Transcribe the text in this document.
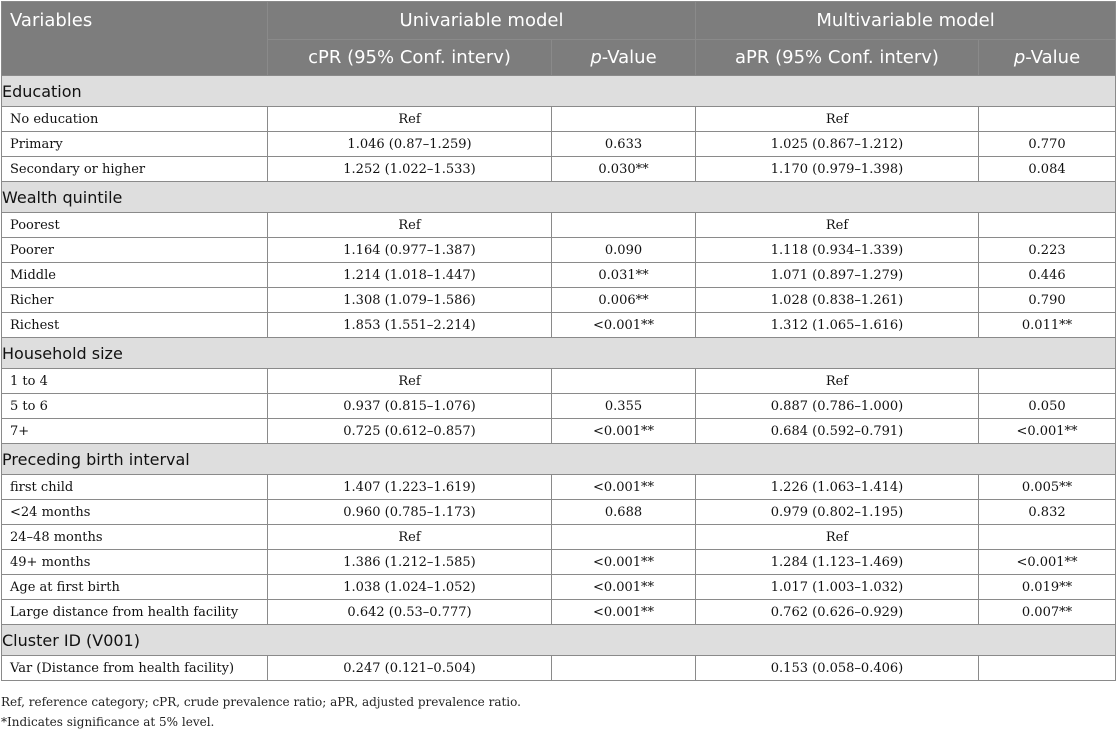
Variables	Univariable model		Multivariable model	
	cPR (95% Conf. interv)	p-Value	aPR (95% Conf. interv)	p-Value
Education				
No education	Ref		Ref	
Primary	1.046 (0.87–1.259)	0.633	1.025 (0.867–1.212)	0.770
Secondary or higher	1.252 (1.022–1.533)	0.030**	1.170 (0.979–1.398)	0.084
Wealth quintile				
Poorest	Ref		Ref	
Poorer	1.164 (0.977–1.387)	0.090	1.118 (0.934–1.339)	0.223
Middle	1.214 (1.018–1.447)	0.031**	1.071 (0.897–1.279)	0.446
Richer	1.308 (1.079–1.586)	0.006**	1.028 (0.838–1.261)	0.790
Richest	1.853 (1.551–2.214)	<0.001**	1.312 (1.065–1.616)	0.011**
Household size				
1 to 4	Ref		Ref	
5 to 6	0.937 (0.815–1.076)	0.355	0.887 (0.786–1.000)	0.050
7+	0.725 (0.612–0.857)	<0.001**	0.684 (0.592–0.791)	<0.001**
Preceding birth interval				
first child	1.407 (1.223–1.619)	<0.001**	1.226 (1.063–1.414)	0.005**
<24 months	0.960 (0.785–1.173)	0.688	0.979 (0.802–1.195)	0.832
24–48 months	Ref		Ref	
49+ months	1.386 (1.212–1.585)	<0.001**	1.284 (1.123–1.469)	<0.001**
Age at first birth	1.038 (1.024–1.052)	<0.001**	1.017 (1.003–1.032)	0.019**
Large distance from health facility	0.642 (0.53–0.777)	<0.001**	0.762 (0.626–0.929)	0.007**
Cluster ID (V001)				
Var (Distance from health facility)	0.247 (0.121–0.504)		0.153 (0.058–0.406)	
Ref, reference category; cPR, crude prevalence ratio; aPR, adjusted prevalence ratio.
*Indicates significance at 5% level.
